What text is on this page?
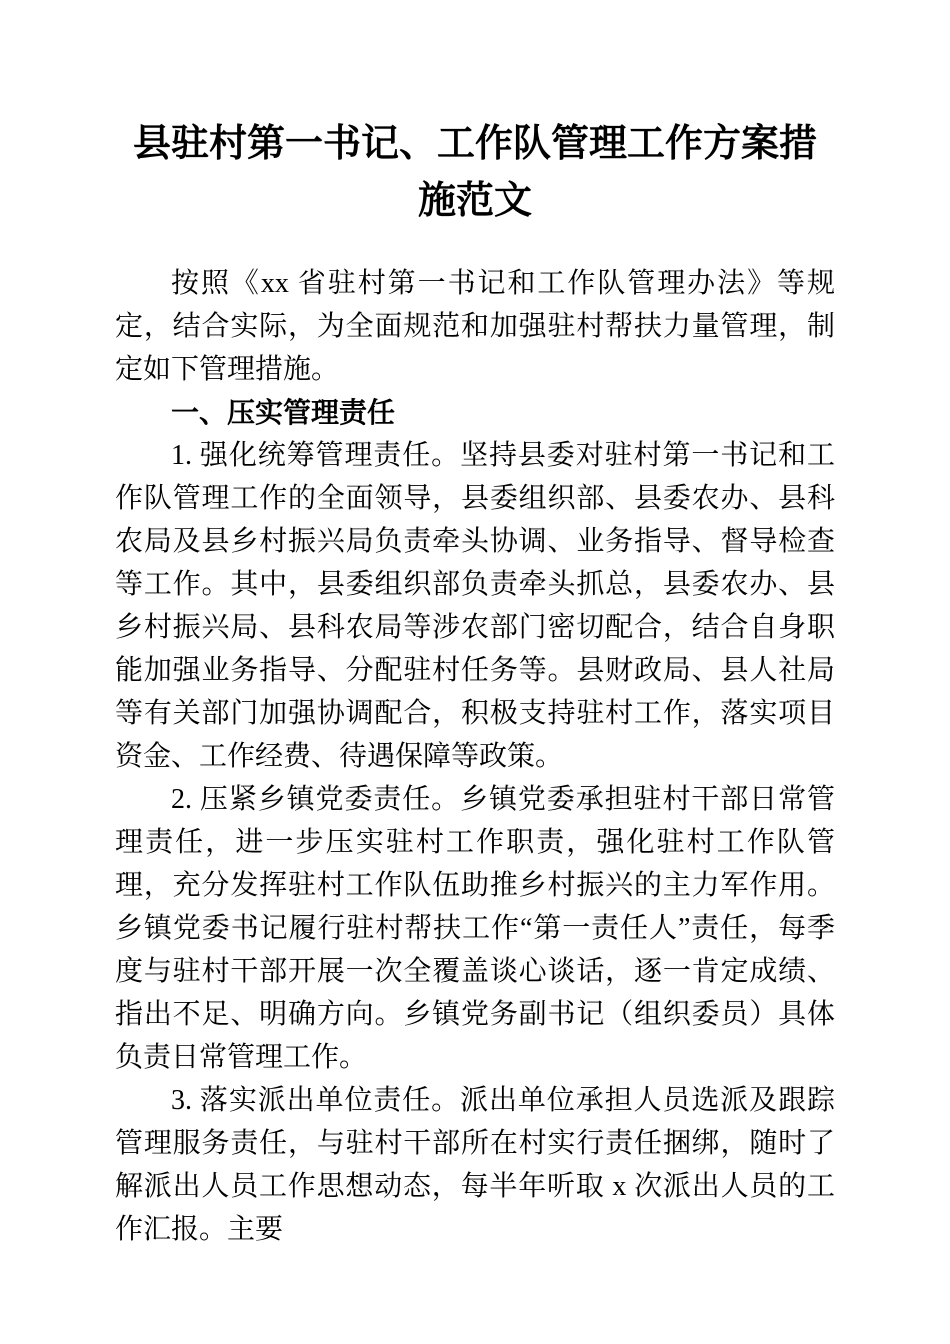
县驻村第一书记、工作队管理工作方案措施范文

按照《xx 省驻村第一书记和工作队管理办法》等规定，结合实际，为全面规范和加强驻村帮扶力量管理，制定如下管理措施。

一、压实管理责任

1. 强化统筹管理责任。坚持县委对驻村第一书记和工作队管理工作的全面领导，县委组织部、县委农办、县科农局及县乡村振兴局负责牵头协调、业务指导、督导检查等工作。其中，县委组织部负责牵头抓总，县委农办、县乡村振兴局、县科农局等涉农部门密切配合，结合自身职能加强业务指导、分配驻村任务等。县财政局、县人社局等有关部门加强协调配合，积极支持驻村工作，落实项目资金、工作经费、待遇保障等政策。

2. 压紧乡镇党委责任。乡镇党委承担驻村干部日常管理责任，进一步压实驻村工作职责，强化驻村工作队管理，充分发挥驻村工作队伍助推乡村振兴的主力军作用。乡镇党委书记履行驻村帮扶工作“第一责任人”责任，每季度与驻村干部开展一次全覆盖谈心谈话，逐一肯定成绩、指出不足、明确方向。乡镇党务副书记（组织委员）具体负责日常管理工作。

3. 落实派出单位责任。派出单位承担人员选派及跟踪管理服务责任，与驻村干部所在村实行责任捆绑，随时了解派出人员工作思想动态，每半年听取 x 次派出人员的工作汇报。主要
